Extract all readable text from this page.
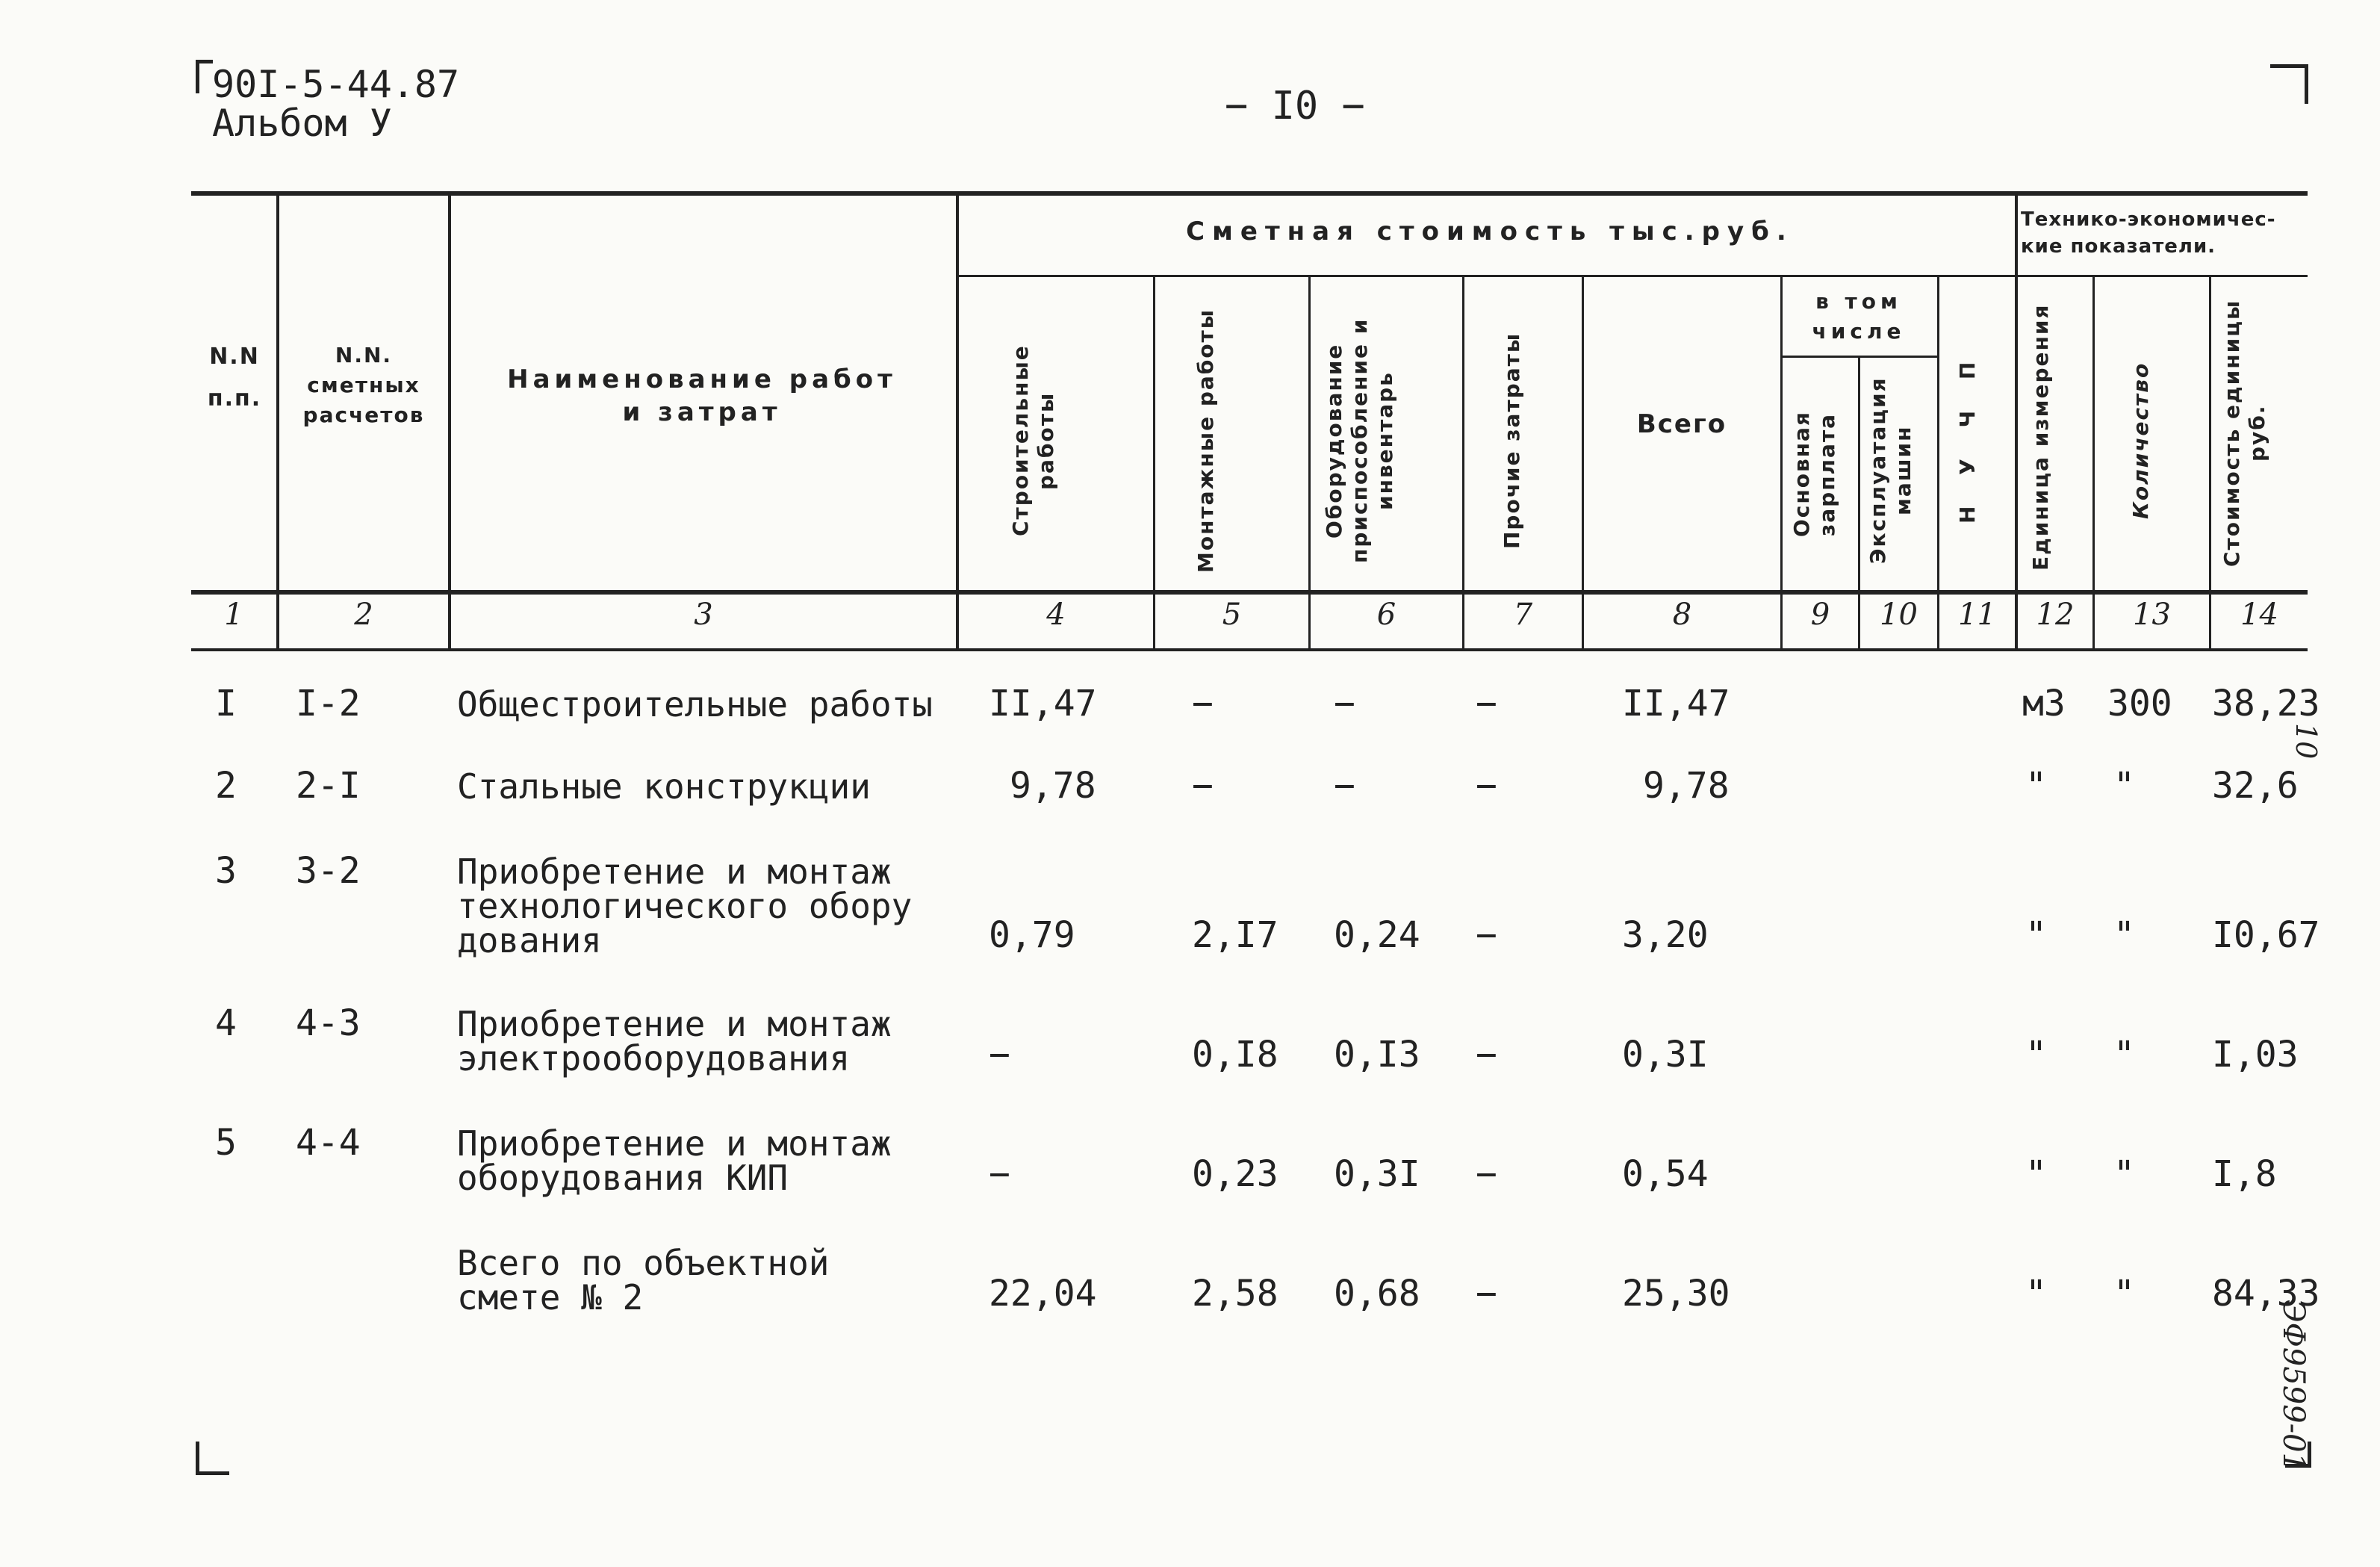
90I-5-44.87
Альбом У	− I0 −
Сметная стоимость тыс.руб.	Технико-экономичес- кие показатели.
в том числе
N.N п.п.
N.N. сметных расчетов
Наименование работ и затрат	Строительные работы	Монтажные работы	Оборудование приспособление и инвентарь	Прочие затраты	Всего	Основная зарплата	Эксплуатация машин	Н У Ч П	Единица измерения	Количество	Стоимость единицы руб.
1	2	3	4	5	6	7	8	9	10	11	12	13	14
I I-2	Общестроительные работы II,47	−	−	−	II,47	м3 300 38,23
2 2-I	Стальные конструкции	9,78	−	−	−	9,78	" " 32,6
3 3-2	Приобретение и монтаж
технологического обору
дования	0,79	2,I7 0,24 −	3,20	" " I0,67
4 4-3	Приобретение и монтаж
электрооборудования	−	0,I8 0,I3 −	0,3I	" " I,03
5 4-4	Приобретение и монтаж
оборудования КИП	−	0,23 0,3I −	0,54	" " I,8
Всего по объектной
смете № 2	22,04	2,58 0,68 −	25,30	" " 84,33
10
ЭФ9599-01
